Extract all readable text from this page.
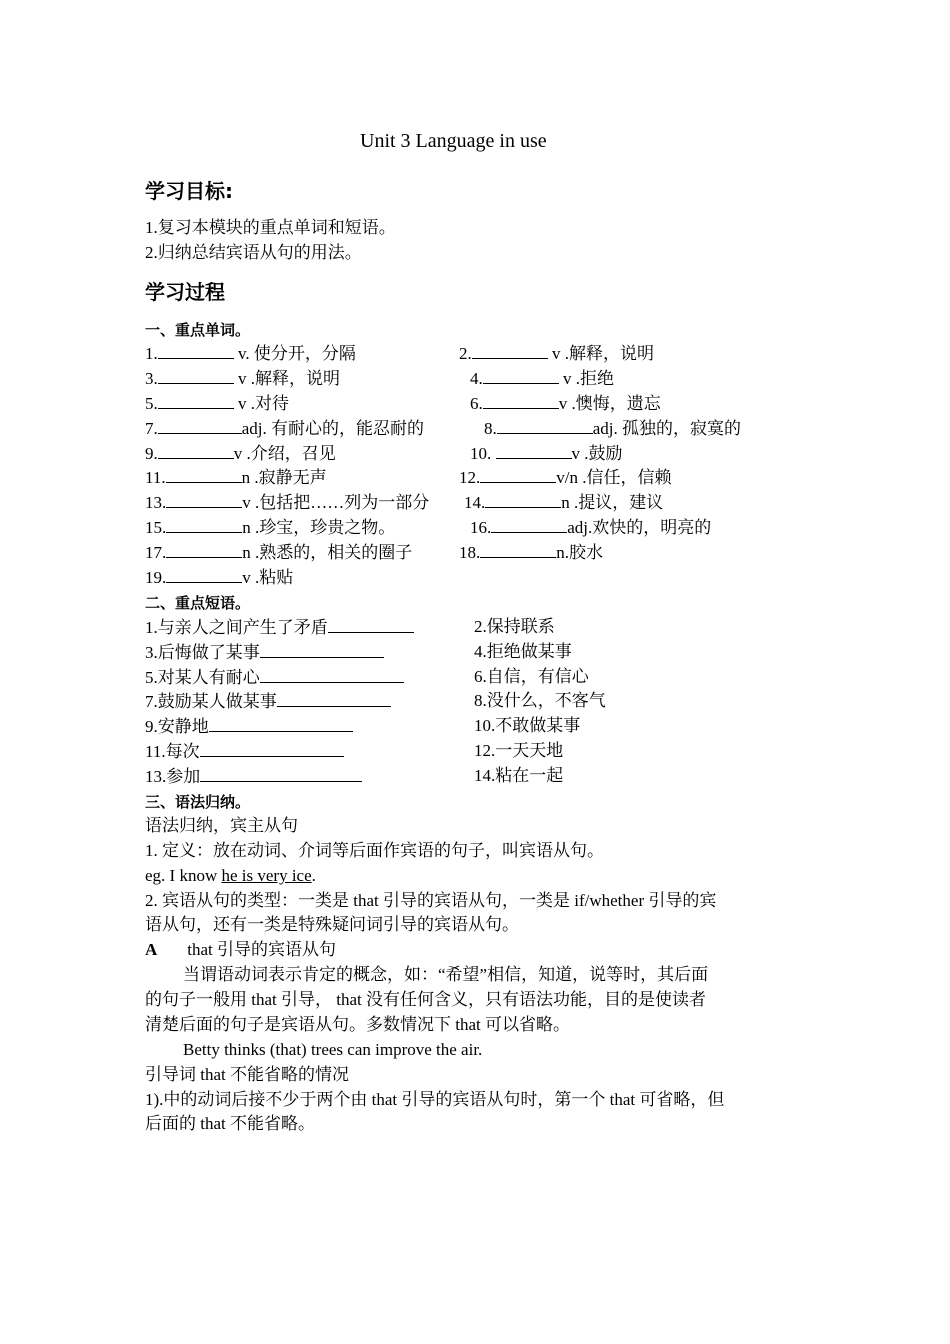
Unit 3 Language in use
学习目标:
1.复习本模块的重点单词和短语。
2.归纳总结宾语从句的用法。
学习过程
一、重点单词。
1.	v. 使分开，分隔	2.	v .解释，说明
3.	v .解释，说明	4.	v .拒绝
5.	v .对待	6.	v .懊悔，遗忘
7.	adj. 有耐心的，能忍耐的	8.	adj. 孤独的，寂寞的
9.	v .介绍，召见	10.	v .鼓励
11.	n .寂静无声	12.	v/n .信任，信赖
13.	v .包括把……列为一部分 14.	n .提议，建议
15.	n .珍宝，珍贵之物。	16.	adj.欢快的，明亮的
17.	n .熟悉的，相关的圈子	18.	n.胶水
19.	v .粘贴
二、重点短语。
1.与亲人之间产生了矛盾	2.保持联系
3.后悔做了某事	4.拒绝做某事
5.对某人有耐心	6.自信，有信心
7.鼓励某人做某事	8.没什么，不客气
9.安静地	10.不敢做某事
11.每次	12.一天天地
13.参加	14.粘在一起
三、语法归纳。
语法归纳，宾主从句
1. 定义：放在动词、介词等后面作宾语的句子，叫宾语从句。
eg. I know he is very ice.
2. 宾语从句的类型：一类是 that 引导的宾语从句，一类是 if/whether 引导的宾
语从句，还有一类是特殊疑问词引导的宾语从句。
A that 引导的宾语从句
当谓语动词表示肯定的概念，如：“希望”相信，知道，说等时，其后面
的句子一般用 that 引导， that 没有任何含义，只有语法功能，目的是使读者
清楚后面的句子是宾语从句。多数情况下 that 可以省略。
Betty thinks (that) trees can improve the air.
引导词 that 不能省略的情况
1).中的动词后接不少于两个由 that 引导的宾语从句时，第一个 that 可省略，但
后面的 that 不能省略。
